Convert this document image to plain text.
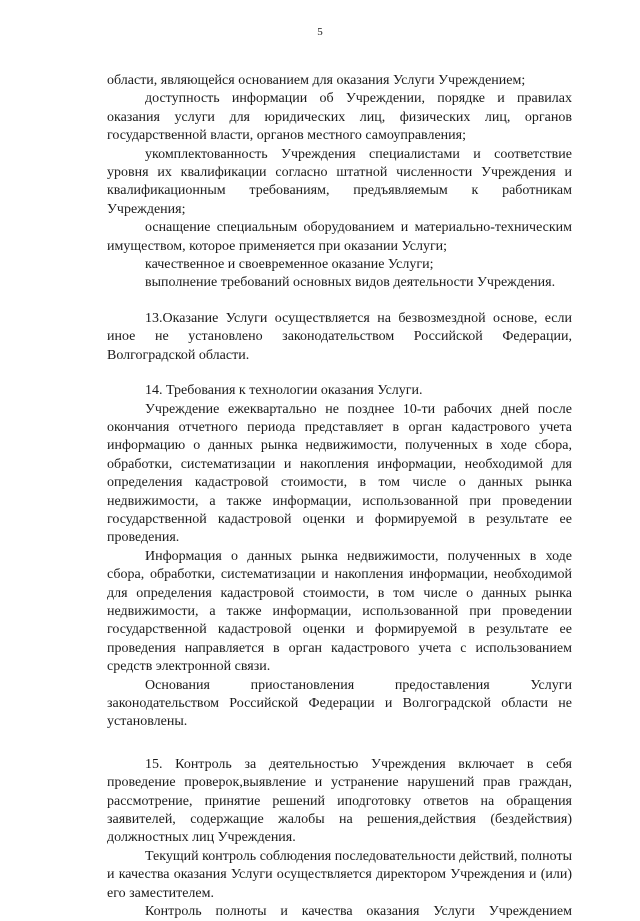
5

области, являющейся основанием для оказания Услуги Учреждением;

доступность информации об Учреждении, порядке и правилах оказания услуги для юридических лиц, физических лиц, органов государственной власти, органов местного самоуправления;

укомплектованность Учреждения специалистами и соответствие уровня их квалификации согласно штатной численности Учреждения и квалификационным требованиям, предъявляемым к работникам Учреждения;

оснащение специальным оборудованием и материально-техническим имуществом, которое применяется при оказании Услуги;

качественное и своевременное оказание Услуги;

выполнение требований основных видов деятельности Учреждения.

13.Оказание Услуги осуществляется на безвозмездной основе, если иное не установлено законодательством Российской Федерации, Волгоградской области.

14. Требования к технологии оказания Услуги.

Учреждение ежеквартально не позднее 10-ти рабочих дней после окончания отчетного периода представляет в орган кадастрового учета информацию о данных рынка недвижимости, полученных в ходе сбора, обработки, систематизации и накопления информации, необходимой для определения кадастровой стоимости, в том числе о данных рынка недвижимости, а также информации, использованной при проведении государственной кадастровой оценки и формируемой в результате ее проведения.

Информация о данных рынка недвижимости, полученных в ходе сбора, обработки, систематизации и накопления информации, необходимой для определения кадастровой стоимости, в том числе о данных рынка недвижимости, а также информации, использованной при проведении государственной кадастровой оценки и формируемой в результате ее проведения направляется в орган кадастрового учета с использованием средств электронной связи.

Основания приостановления предоставления Услуги законодательством Российской Федерации и Волгоградской области не установлены.

15. Контроль за деятельностью Учреждения включает в себя проведение проверок,выявление и устранение нарушений прав граждан, рассмотрение, принятие решений иподготовку ответов на обращения заявителей, содержащие жалобы на решения,действия (бездействия) должностных лиц Учреждения.

Текущий контроль соблюдения последовательности действий, полноты и качества оказания Услуги осуществляется директором Учреждения и (или) его заместителем.

Контроль полноты и качества оказания Услуги Учреждением
